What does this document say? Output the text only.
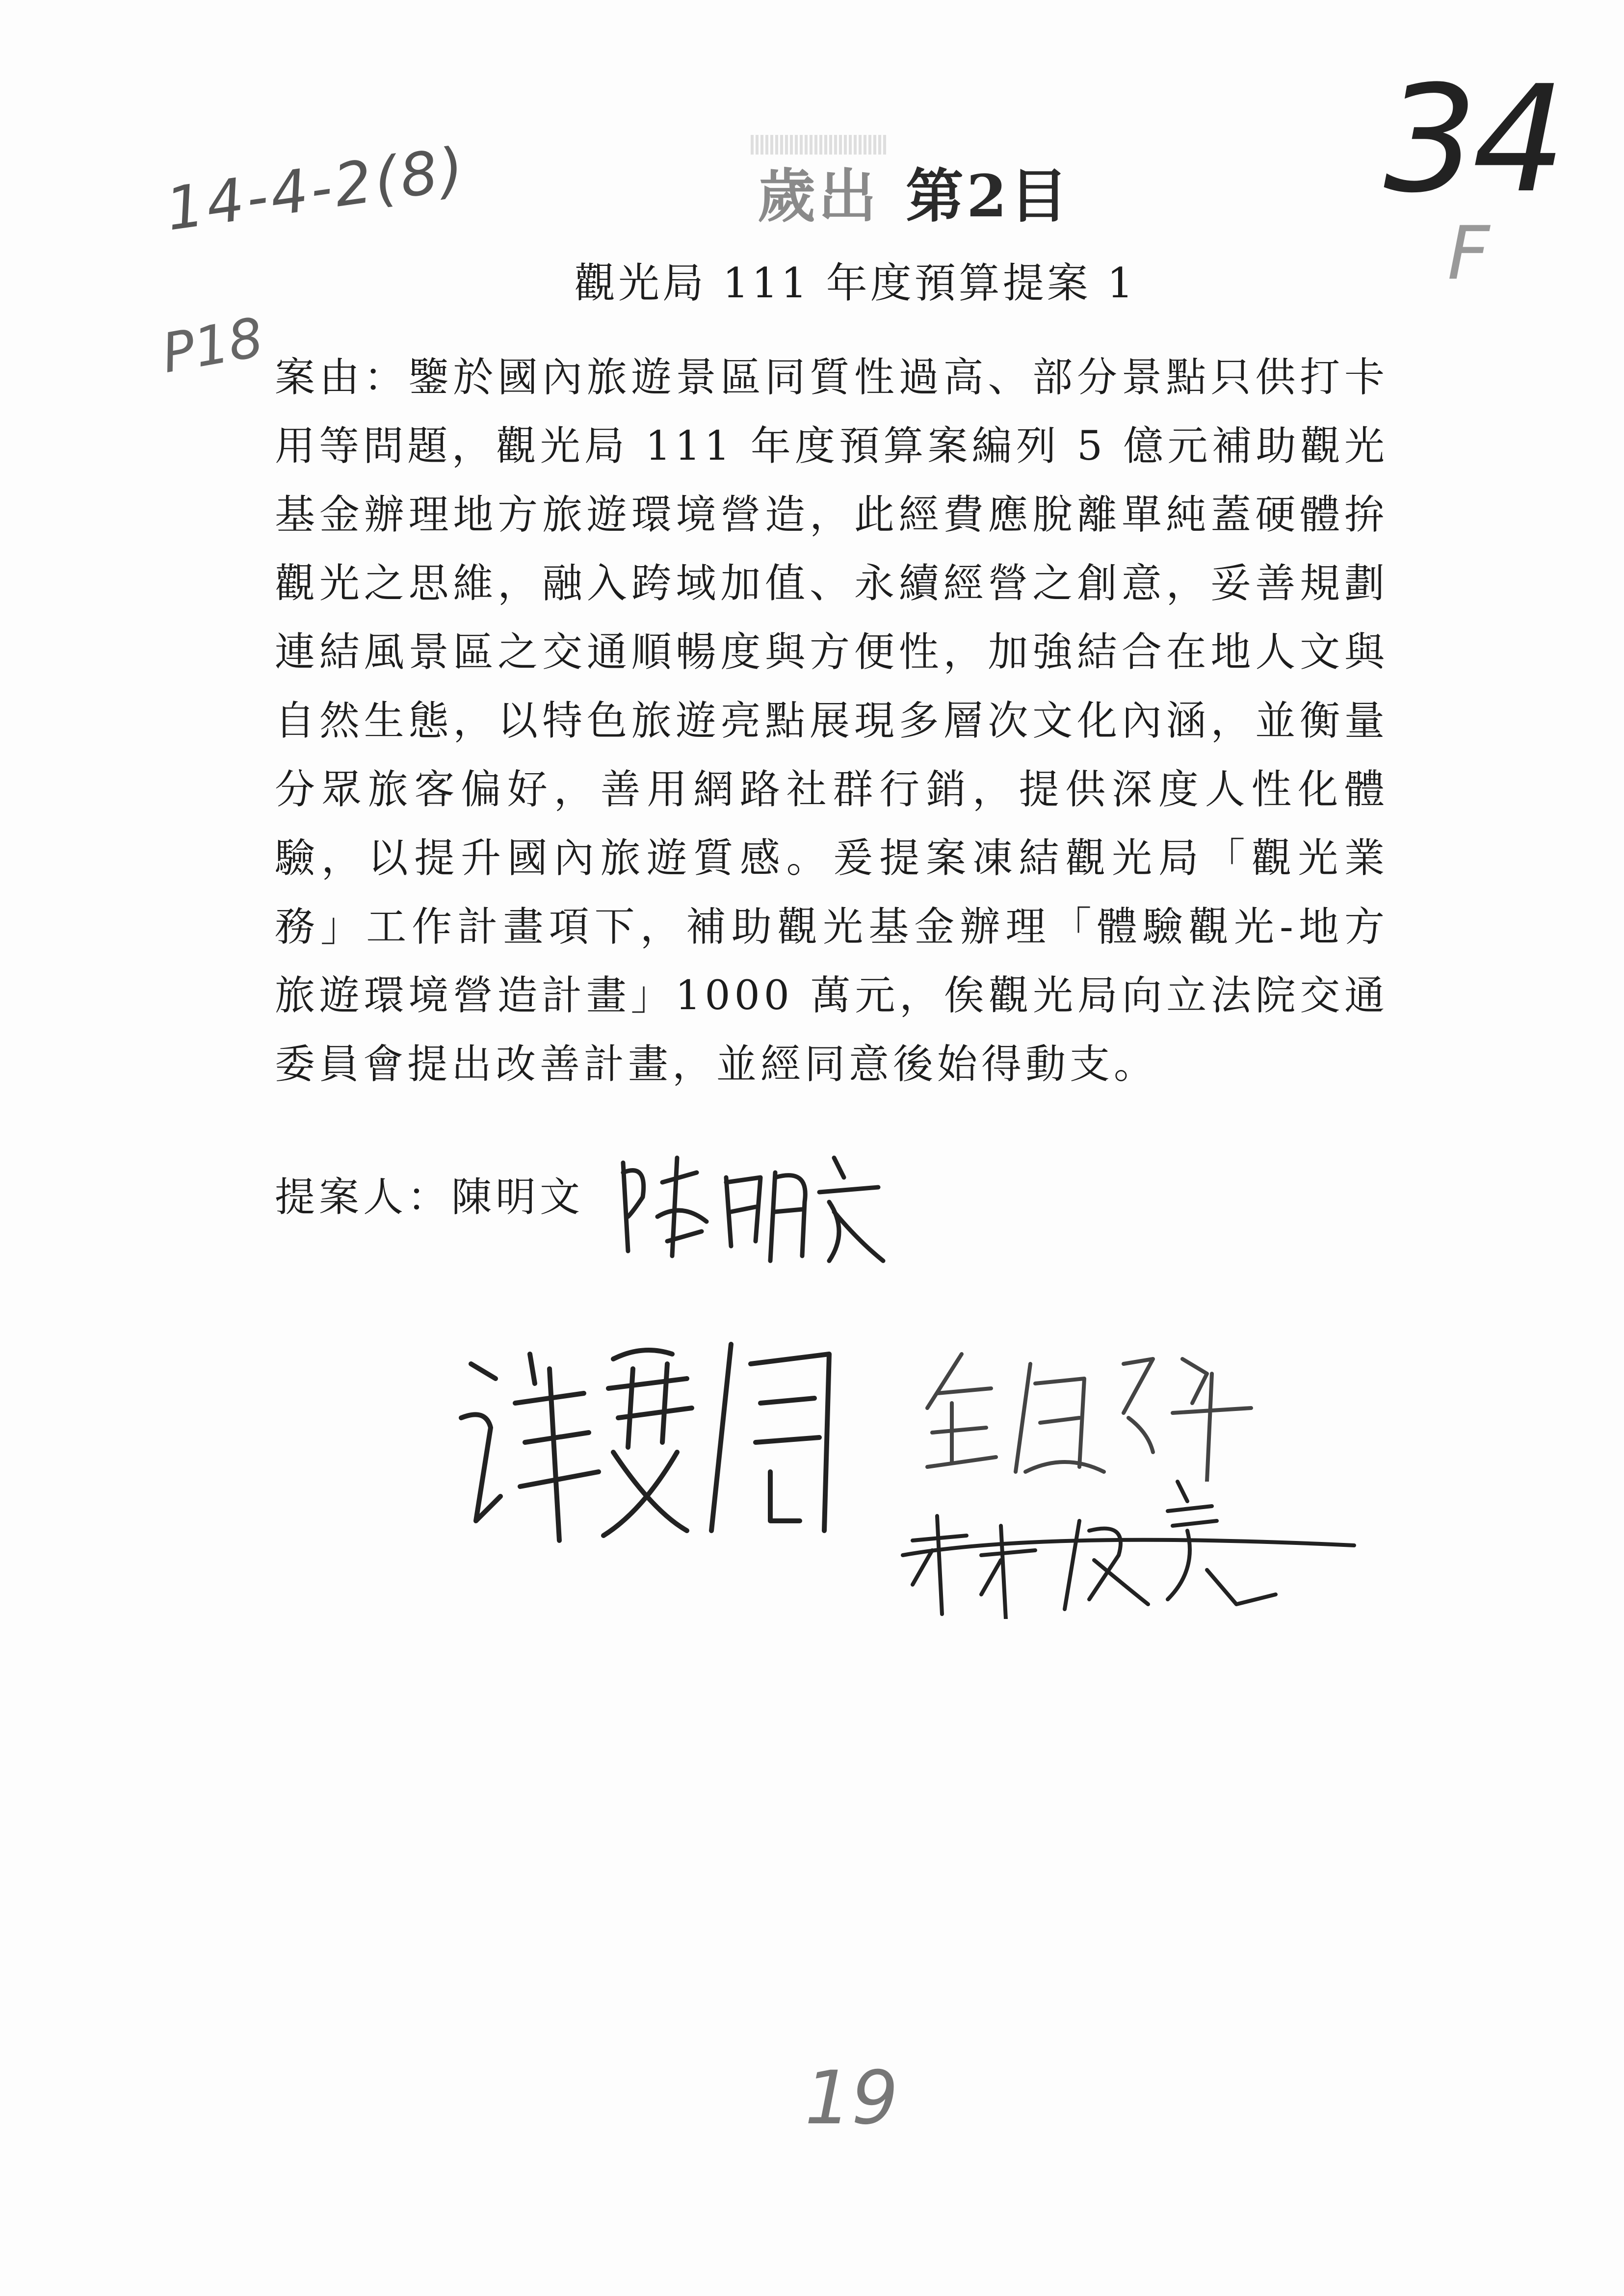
14-4-2(8)
P18
34
F
歲出 第2目
觀光局 111 年度預算提案 1
案由：鑒於國內旅遊景區同質性過高、部分景點只供打卡用等問題，觀光局 111 年度預算案編列 5 億元補助觀光基金辦理地方旅遊環境營造，此經費應脫離單純蓋硬體拚觀光之思維，融入跨域加值、永續經營之創意，妥善規劃連結風景區之交通順暢度與方便性，加強結合在地人文與自然生態，以特色旅遊亮點展現多層次文化內涵，並衡量分眾旅客偏好，善用網路社群行銷，提供深度人性化體驗，以提升國內旅遊質感。爰提案凍結觀光局「觀光業務」工作計畫項下，補助觀光基金辦理「體驗觀光-地方旅遊環境營造計畫」1000 萬元，俟觀光局向立法院交通委員會提出改善計畫，並經同意後始得動支。
提案人：陳明文
19
